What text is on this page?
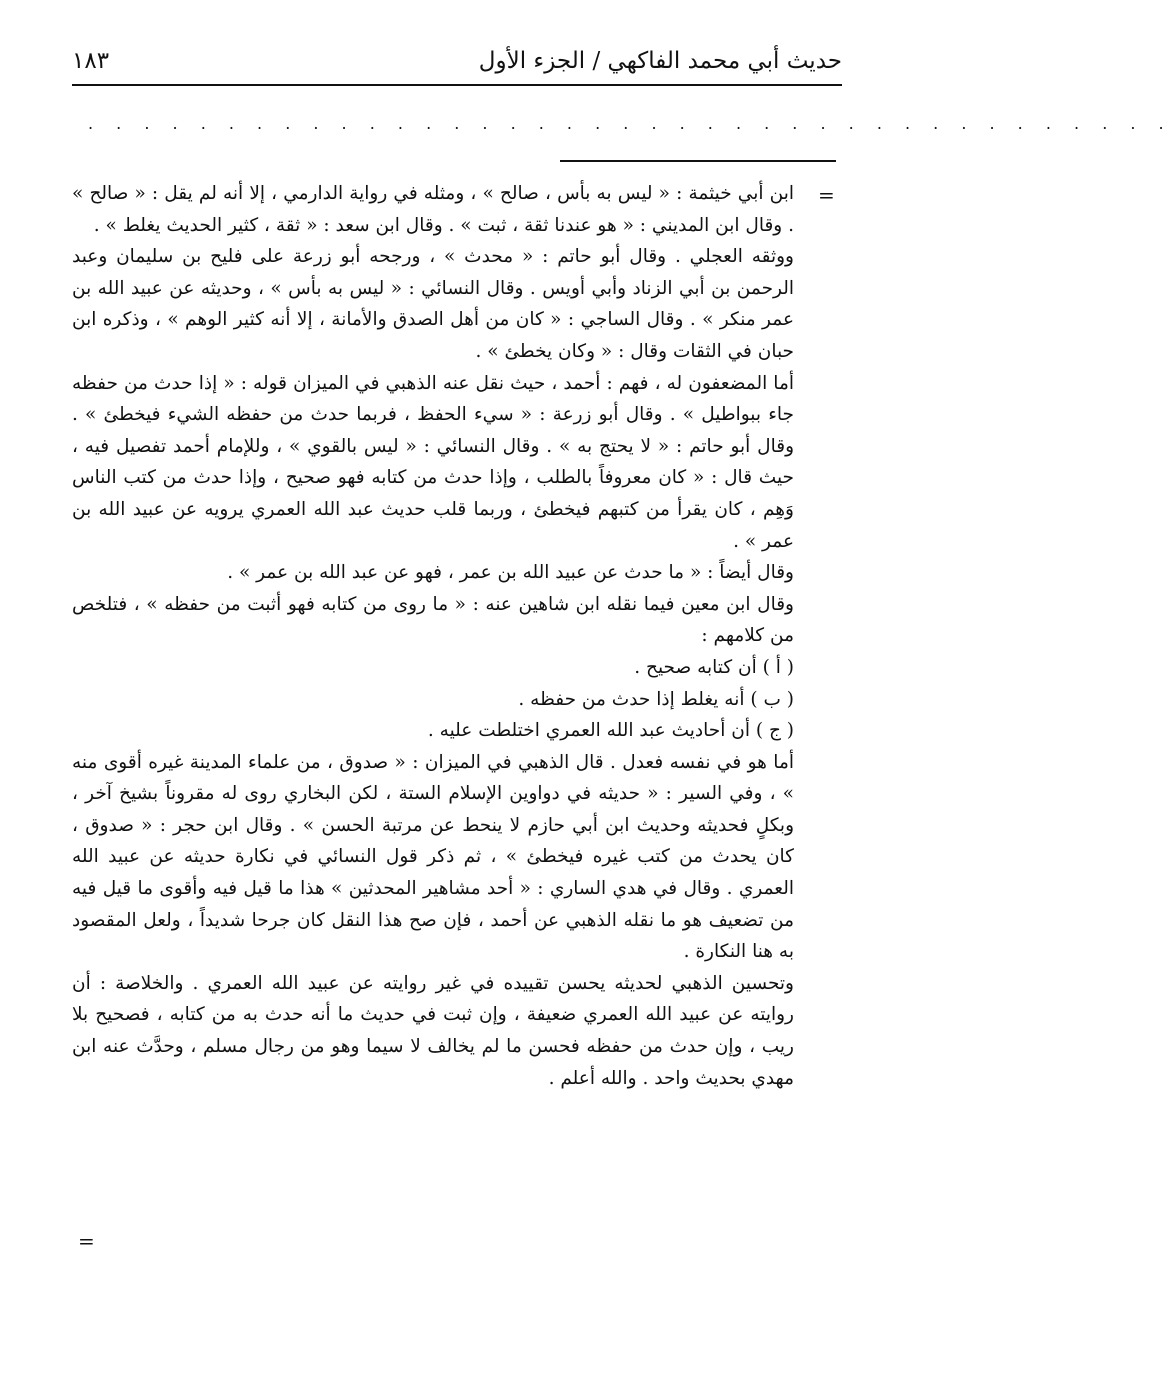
حديث أبي محمد الفاكهي / الجزء الأول
١٨٣
. . . . . . . . . . . . . . . . . . . . . . . . . . . . . . . . . . . . . . .
=

ابن أبي خيثمة : « ليس به بأس ، صالح » ، ومثله في رواية الدارمي ، إلا أنه لم يقل : « صالح » . وقال ابن المديني : « هو عندنا ثقة ، ثبت » . وقال ابن سعد : « ثقة ، كثير الحديث يغلط » .

ووثقه العجلي . وقال أبو حاتم : « محدث » ، ورجحه أبو زرعة على فليح بن سليمان وعبد الرحمن بن أبي الزناد وأبي أويس . وقال النسائي : « ليس به بأس » ، وحديثه عن عبيد الله بن عمر منكر » . وقال الساجي : « كان من أهل الصدق والأمانة ، إلا أنه كثير الوهم » ، وذكره ابن حبان في الثقات وقال : « وكان يخطئ » .

أما المضعفون له ، فهم : أحمد ، حيث نقل عنه الذهبي في الميزان قوله : « إذا حدث من حفظه جاء ببواطيل » . وقال أبو زرعة : « سيء الحفظ ، فربما حدث من حفظه الشيء فيخطئ » . وقال أبو حاتم : « لا يحتج به » . وقال النسائي : « ليس بالقوي » ، وللإمام أحمد تفصيل فيه ، حيث قال : « كان معروفاً بالطلب ، وإذا حدث من كتابه فهو صحيح ، وإذا حدث من كتب الناس وَهِم ، كان يقرأ من كتبهم فيخطئ ، وربما قلب حديث عبد الله العمري يرويه عن عبيد الله بن عمر » .

وقال أيضاً : « ما حدث عن عبيد الله بن عمر ، فهو عن عبد الله بن عمر » .

وقال ابن معين فيما نقله ابن شاهين عنه : « ما روى من كتابه فهو أثبت من حفظه » ، فتلخص من كلامهم :

( أ ) أن كتابه صحيح .

( ب ) أنه يغلط إذا حدث من حفظه .

( ج ) أن أحاديث عبد الله العمري اختلطت عليه .

أما هو في نفسه فعدل . قال الذهبي في الميزان : « صدوق ، من علماء المدينة غيره أقوى منه » ، وفي السير : « حديثه في دواوين الإسلام الستة ، لكن البخاري روى له مقروناً بشيخ آخر ، وبكلٍ فحديثه وحديث ابن أبي حازم لا ينحط عن مرتبة الحسن » . وقال ابن حجر : « صدوق ، كان يحدث من كتب غيره فيخطئ » ، ثم ذكر قول النسائي في نكارة حديثه عن عبيد الله العمري . وقال في هدي الساري : « أحد مشاهير المحدثين » هذا ما قيل فيه وأقوى ما قيل فيه من تضعيف هو ما نقله الذهبي عن أحمد ، فإن صح هذا النقل كان جرحا شديداً ، ولعل المقصود به هنا النكارة .

وتحسين الذهبي لحديثه يحسن تقييده في غير روايته عن عبيد الله العمري . والخلاصة : أن روايته عن عبيد الله العمري ضعيفة ، وإن ثبت في حديث ما أنه حدث به من كتابه ، فصحيح بلا ريب ، وإن حدث من حفظه فحسن ما لم يخالف لا سيما وهو من رجال مسلم ، وحدَّث عنه ابن مهدي بحديث واحد . والله أعلم .

=
